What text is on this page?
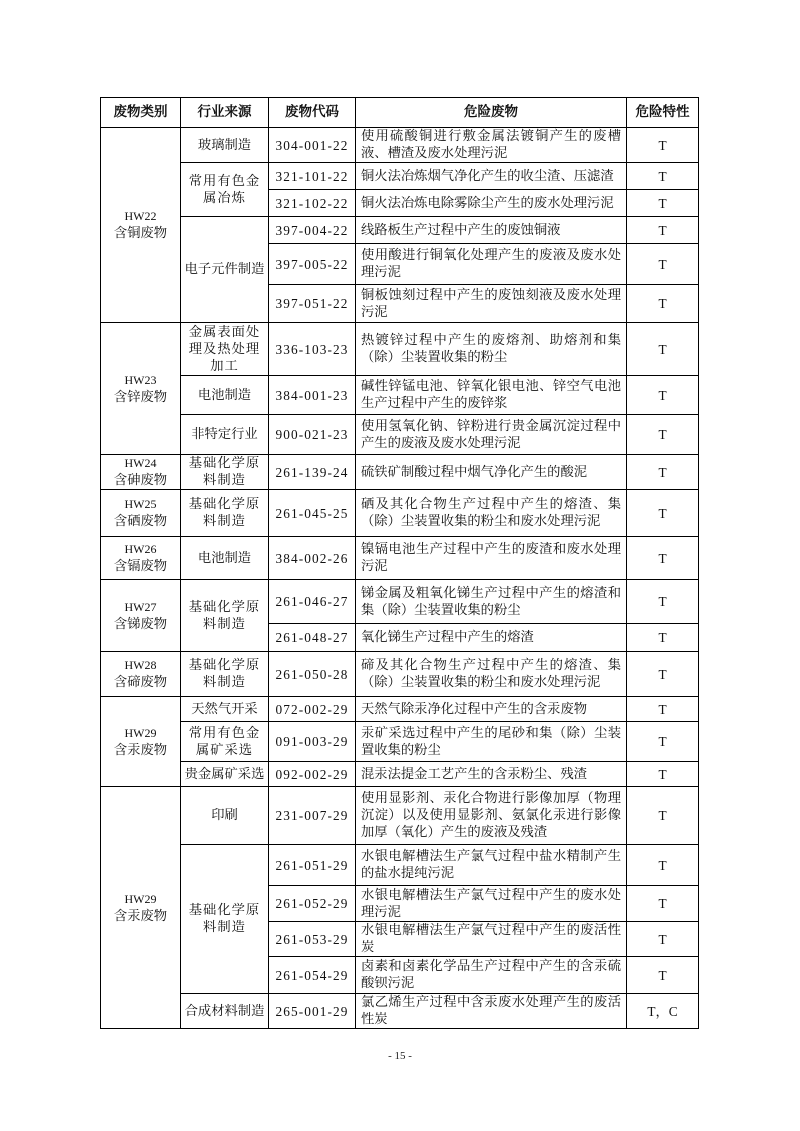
废物类别	行业来源	废物代码	危险废物	危险特性

HW22
含铜废物	玻璃制造	304-001-22	使用硫酸铜进行敷金属法镀铜产生的废槽液、槽渣及废水处理污泥	T
	常用有色金属冶炼	321-101-22	铜火法冶炼烟气净化产生的收尘渣、压滤渣	T
		321-102-22	铜火法冶炼电除雾除尘产生的废水处理污泥	T
	电子元件制造	397-004-22	线路板生产过程中产生的废蚀铜液	T
		397-005-22	使用酸进行铜氧化处理产生的废液及废水处理污泥	T
		397-051-22	铜板蚀刻过程中产生的废蚀刻液及废水处理污泥	T

HW23
含锌废物	金属表面处理及热处理加工	336-103-23	热镀锌过程中产生的废熔剂、助熔剂和集（除）尘装置收集的粉尘	T
	电池制造	384-001-23	碱性锌锰电池、锌氧化银电池、锌空气电池生产过程中产生的废锌浆	T
	非特定行业	900-021-23	使用氢氧化钠、锌粉进行贵金属沉淀过程中产生的废液及废水处理污泥	T

HW24
含砷废物	基础化学原料制造	261-139-24	硫铁矿制酸过程中烟气净化产生的酸泥	T

HW25
含硒废物	基础化学原料制造	261-045-25	硒及其化合物生产过程中产生的熔渣、集（除）尘装置收集的粉尘和废水处理污泥	T

HW26
含镉废物	电池制造	384-002-26	镍镉电池生产过程中产生的废渣和废水处理污泥	T

HW27
含锑废物	基础化学原料制造	261-046-27	锑金属及粗氧化锑生产过程中产生的熔渣和集（除）尘装置收集的粉尘	T
		261-048-27	氧化锑生产过程中产生的熔渣	T

HW28
含碲废物	基础化学原料制造	261-050-28	碲及其化合物生产过程中产生的熔渣、集（除）尘装置收集的粉尘和废水处理污泥	T

HW29
含汞废物	天然气开采	072-002-29	天然气除汞净化过程中产生的含汞废物	T
	常用有色金属矿采选	091-003-29	汞矿采选过程中产生的尾砂和集（除）尘装置收集的粉尘	T
	贵金属矿采选	092-002-29	混汞法提金工艺产生的含汞粉尘、残渣	T

HW29
含汞废物	印刷	231-007-29	使用显影剂、汞化合物进行影像加厚（物理沉淀）以及使用显影剂、氨氯化汞进行影像加厚（氧化）产生的废液及残渣	T
	基础化学原料制造	261-051-29	水银电解槽法生产氯气过程中盐水精制产生的盐水提纯污泥	T
		261-052-29	水银电解槽法生产氯气过程中产生的废水处理污泥	T
		261-053-29	水银电解槽法生产氯气过程中产生的废活性炭	T
		261-054-29	卤素和卤素化学品生产过程中产生的含汞硫酸钡污泥	T
	合成材料制造	265-001-29	氯乙烯生产过程中含汞废水处理产生的废活性炭	T，C
- 15 -
